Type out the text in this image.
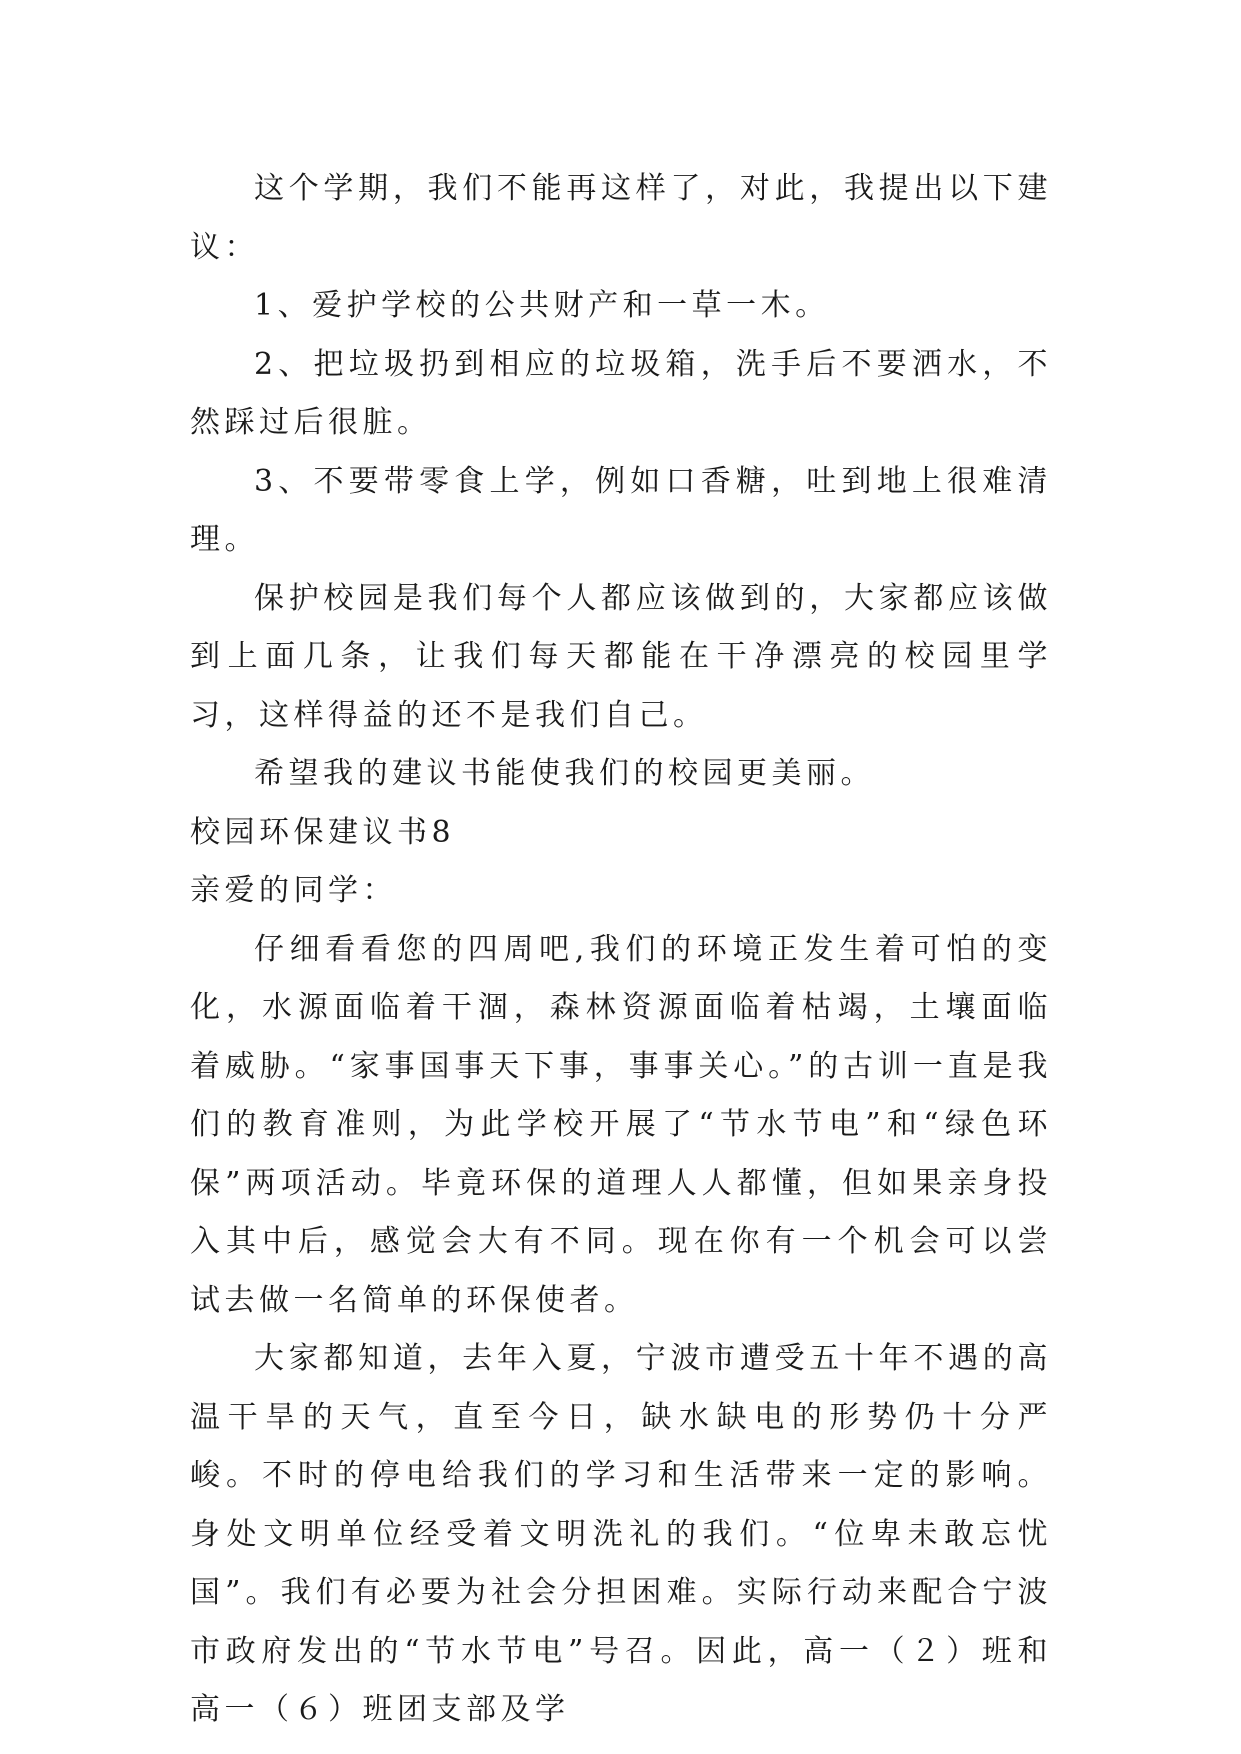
这个学期，我们不能再这样了，对此，我提出以下建议：

1、爱护学校的公共财产和一草一木。

2、把垃圾扔到相应的垃圾箱，洗手后不要洒水，不然踩过后很脏。

3、不要带零食上学，例如口香糖，吐到地上很难清理。

保护校园是我们每个人都应该做到的，大家都应该做到上面几条，让我们每天都能在干净漂亮的校园里学习，这样得益的还不是我们自己。

希望我的建议书能使我们的校园更美丽。

校园环保建议书8

亲爱的同学：

仔细看看您的四周吧,我们的环境正发生着可怕的变化，水源面临着干涸，森林资源面临着枯竭，土壤面临着威胁。“家事国事天下事，事事关心。”的古训一直是我们的教育准则，为此学校开展了“节水节电”和“绿色环保”两项活动。毕竟环保的道理人人都懂，但如果亲身投入其中后，感觉会大有不同。现在你有一个机会可以尝试去做一名简单的环保使者。

大家都知道，去年入夏，宁波市遭受五十年不遇的高温干旱的天气，直至今日，缺水缺电的形势仍十分严峻。不时的停电给我们的学习和生活带来一定的影响。身处文明单位经受着文明洗礼的我们。“位卑未敢忘忧国”。我们有必要为社会分担困难。实际行动来配合宁波市政府发出的“节水节电”号召。因此，高一（２）班和高一（６）班团支部及学
